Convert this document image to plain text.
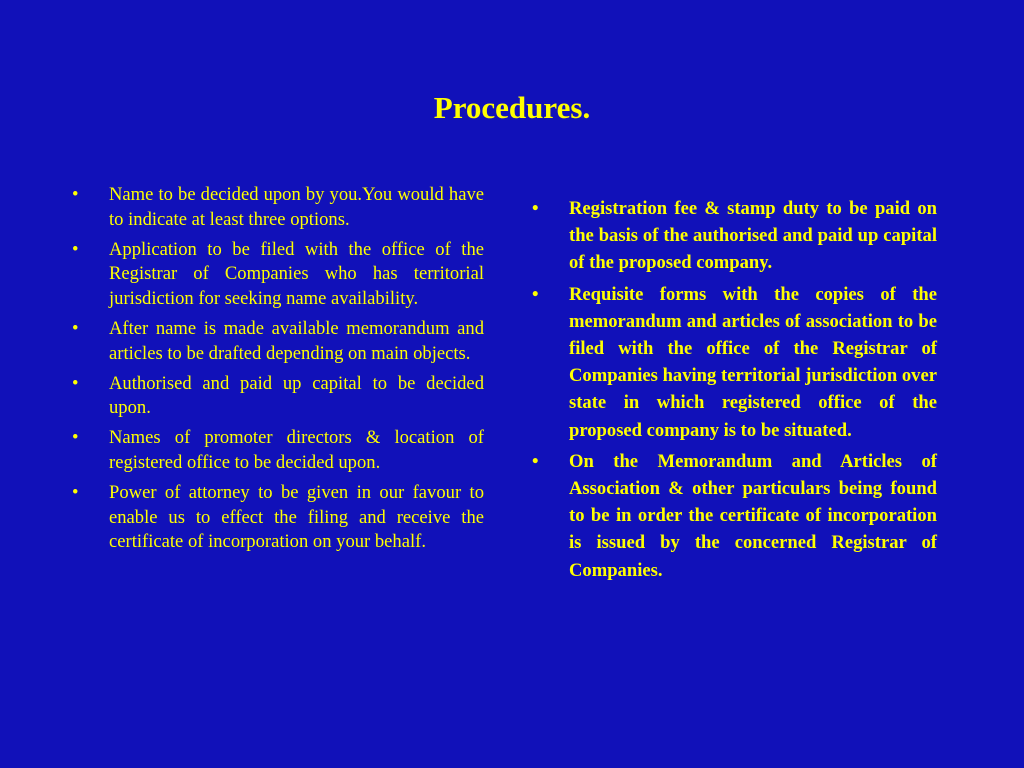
Procedures.
•	Name to be decided upon by you.You would have to indicate at least three options.
•	Application to be filed with the office of the Registrar of Companies who has territorial jurisdiction for seeking name availability.
•	After name is made available memorandum and articles to be drafted depending on main objects.
•	Authorised and paid up capital to be decided upon.
•	Names of promoter directors & location of registered office to be decided upon.
•	Power of attorney to be given in our favour to enable us to effect the filing and receive the certificate of incorporation on your behalf.
•	Registration fee & stamp duty to be paid on the basis of the authorised and paid up capital of the proposed company.
•	Requisite forms with the copies of the memorandum and articles of association to be filed with the office of the Registrar of Companies having territorial jurisdiction over state in which registered office of the proposed company is to be situated.
•	On the Memorandum and Articles of Association & other particulars being found to be in order the certificate of incorporation is issued by the concerned Registrar of Companies.
